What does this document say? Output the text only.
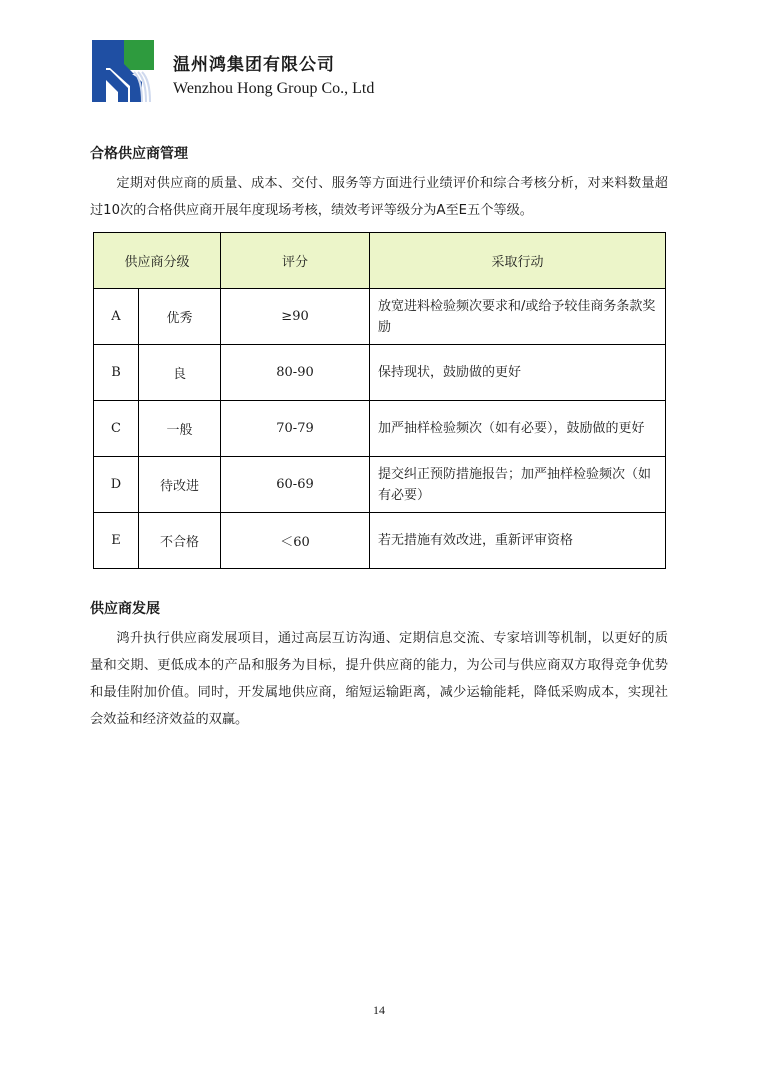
温州鸿集团有限公司
Wenzhou Hong Group Co., Ltd
合格供应商管理
定期对供应商的质量、成本、交付、服务等方面进行业绩评价和综合考核分析，对来料数量超过10次的合格供应商开展年度现场考核，绩效考评等级分为A至E五个等级。
供应商分级		评分	采取行动
A	优秀	≥90	放宽进料检验频次要求和/或给予较佳商务条款奖励
B	良	80-90	保持现状，鼓励做的更好
C	一般	70-79	加严抽样检验频次（如有必要），鼓励做的更好
D	待改进	60-69	提交纠正预防措施报告；加严抽样检验频次（如有必要）
E	不合格	＜60	若无措施有效改进，重新评审资格
供应商发展
鸿升执行供应商发展项目，通过高层互访沟通、定期信息交流、专家培训等机制，以更好的质量和交期、更低成本的产品和服务为目标，提升供应商的能力，为公司与供应商双方取得竞争优势和最佳附加价值。同时，开发属地供应商，缩短运输距离，减少运输能耗，降低采购成本，实现社会效益和经济效益的双赢。
14
